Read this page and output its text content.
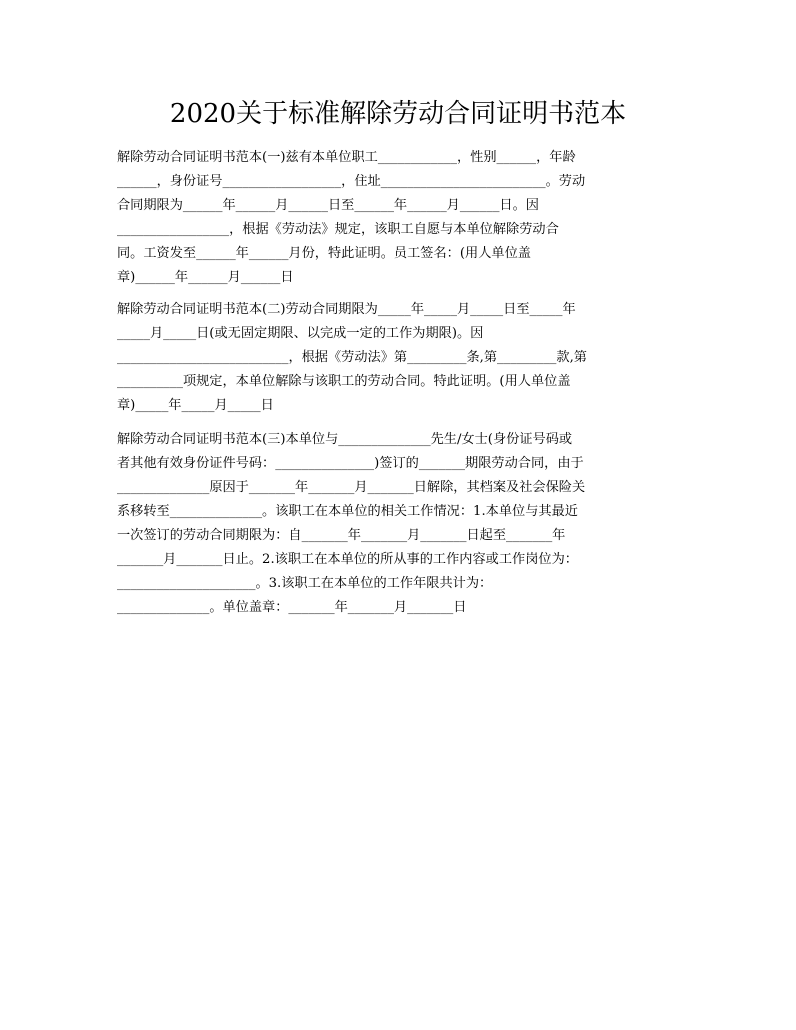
2020关于标准解除劳动合同证明书范本
解除劳动合同证明书范本(一)兹有本单位职工____________，性别______，年龄
______，身份证号__________________，住址_________________________。劳动
合同期限为______年______月______日至______年______月______日。因
_________________，根据《劳动法》规定，该职工自愿与本单位解除劳动合
同。工资发至______年______月份，特此证明。员工签名：(用人单位盖
章)______年______月______日
解除劳动合同证明书范本(二)劳动合同期限为_____年_____月_____日至_____年
_____月_____日(或无固定期限、以完成一定的工作为期限)。因
__________________________，根据《劳动法》第_________条,第_________款,第
__________项规定，本单位解除与该职工的劳动合同。特此证明。(用人单位盖
章)_____年_____月_____日
解除劳动合同证明书范本(三)本单位与______________先生/女士(身份证号码或
者其他有效身份证件号码：_______________)签订的_______期限劳动合同，由于
______________原因于_______年_______月_______日解除，其档案及社会保险关
系移转至______________。该职工在本单位的相关工作情况：1.本单位与其最近
一次签订的劳动合同期限为：自_______年_______月_______日起至_______年
_______月_______日止。2.该职工在本单位的所从事的工作内容或工作岗位为：
_____________________。3.该职工在本单位的工作年限共计为：
______________。单位盖章：_______年_______月_______日
